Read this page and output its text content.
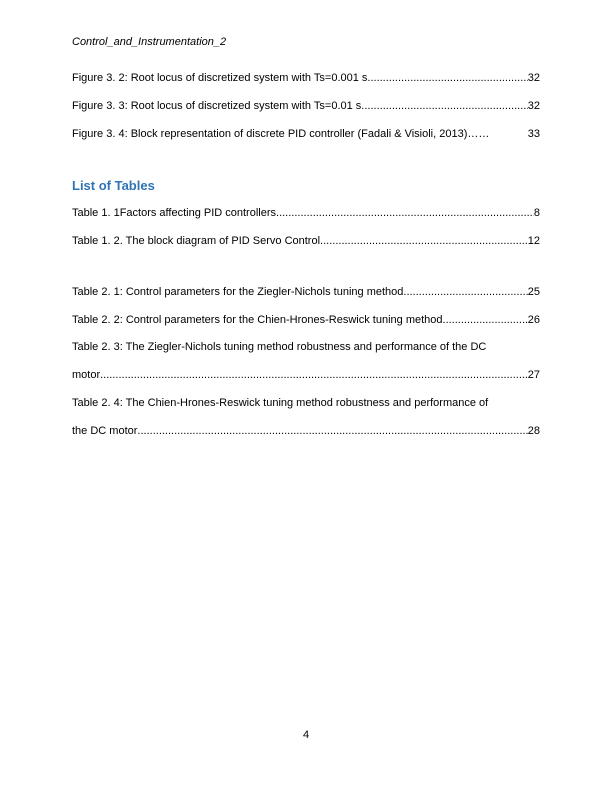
Control_and_Instrumentation_2
Figure 3. 2: Root locus of discretized system with Ts=0.001 s .....	32
Figure 3. 3: Root locus of discretized system with Ts=0.01 s .....	32
Figure 3. 4: Block representation of discrete PID controller (Fadali & Visioli, 2013) ……	33
List of Tables
Table 1. 1Factors affecting PID controllers .....	8
Table 1. 2. The block diagram of PID Servo Control .....	12
Table 2. 1: Control parameters for the Ziegler-Nichols tuning method .....	25
Table 2. 2: Control parameters for the Chien-Hrones-Reswick tuning method .....	26
Table 2. 3: The Ziegler-Nichols tuning method robustness and performance of the DC
motor .....	27
Table 2. 4: The Chien-Hrones-Reswick tuning method robustness and performance of
the DC motor .....	28
4
